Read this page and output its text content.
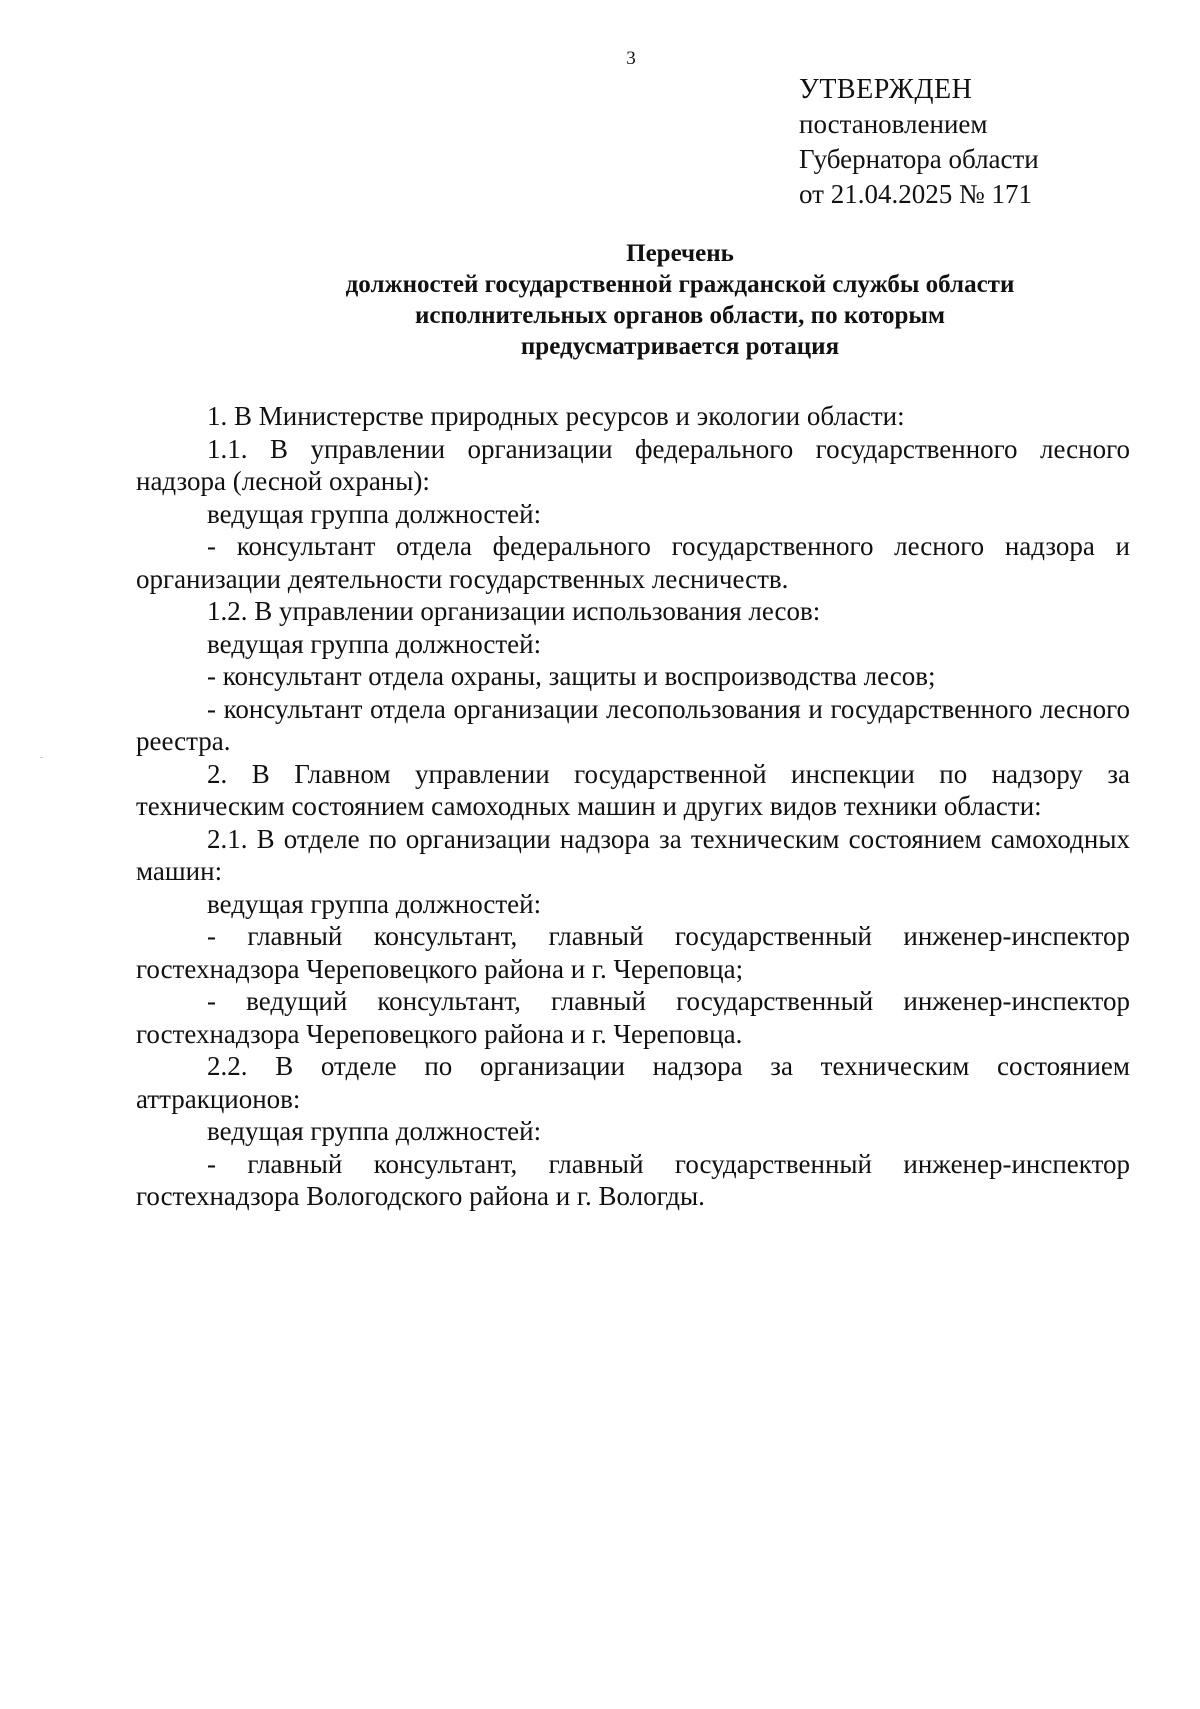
3
УТВЕРЖДЕН
постановлением
Губернатора области
от 21.04.2025 № 171
Перечень
должностей государственной гражданской службы области
исполнительных органов области, по которым
предусматривается ротация

1. В Министерстве природных ресурсов и экологии области:

1.1. В управлении организации федерального государственного лесного надзора (лесной охраны):

ведущая группа должностей:

- консультант отдела федерального государственного лесного надзора и организации деятельности государственных лесничеств.

1.2. В управлении организации использования лесов:

ведущая группа должностей:

- консультант отдела охраны, защиты и воспроизводства лесов;

- консультант отдела организации лесопользования и государственного лесного реестра.

2. В Главном управлении государственной инспекции по надзору за техническим состоянием самоходных машин и других видов техники области:

2.1. В отделе по организации надзора за техническим состоянием самоходных машин:

ведущая группа должностей:

- главный консультант, главный государственный инженер-инспектор гостехнадзора Череповецкого района и г. Череповца;

- ведущий консультант, главный государственный инженер-инспектор гостехнадзора Череповецкого района и г. Череповца.

2.2. В отделе по организации надзора за техническим состоянием аттракционов:

ведущая группа должностей:

- главный консультант, главный государственный инженер-инспектор гостехнадзора Вологодского района и г. Вологды.
